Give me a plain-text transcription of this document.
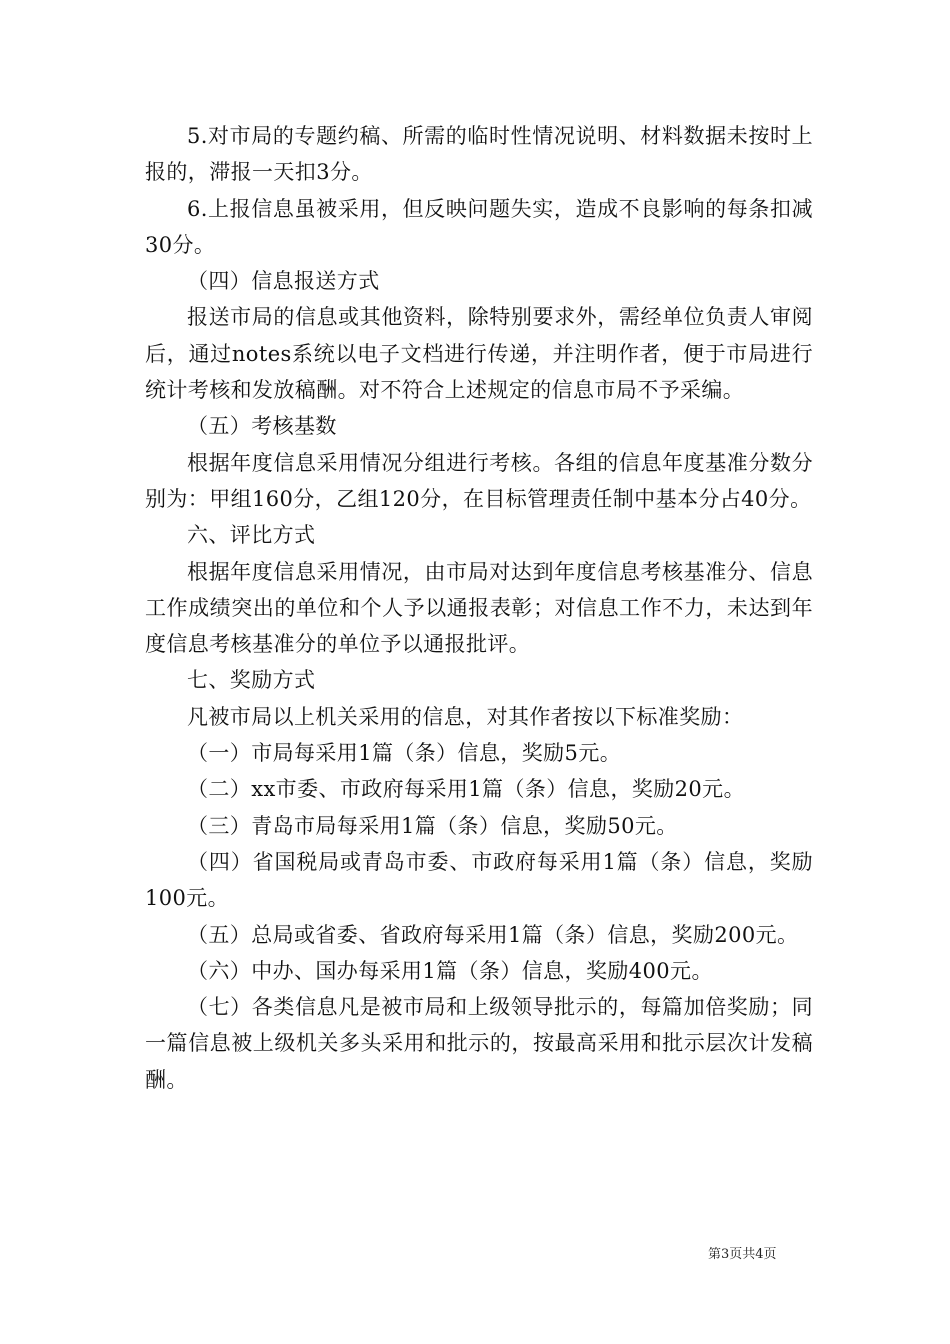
5.对市局的专题约稿、所需的临时性情况说明、材料数据未按时上报的，滞报一天扣3分。

6.上报信息虽被采用，但反映问题失实，造成不良影响的每条扣减30分。

（四）信息报送方式

报送市局的信息或其他资料，除特别要求外，需经单位负责人审阅后，通过notes系统以电子文档进行传递，并注明作者，便于市局进行统计考核和发放稿酬。对不符合上述规定的信息市局不予采编。

（五）考核基数

根据年度信息采用情况分组进行考核。各组的信息年度基准分数分别为：甲组160分，乙组120分，在目标管理责任制中基本分占40分。

六、评比方式

根据年度信息采用情况，由市局对达到年度信息考核基准分、信息工作成绩突出的单位和个人予以通报表彰；对信息工作不力，未达到年度信息考核基准分的单位予以通报批评。

七、奖励方式

凡被市局以上机关采用的信息，对其作者按以下标准奖励：

（一）市局每采用1篇（条）信息，奖励5元。

（二）xx市委、市政府每采用1篇（条）信息，奖励20元。

（三）青岛市局每采用1篇（条）信息，奖励50元。

（四）省国税局或青岛市委、市政府每采用1篇（条）信息，奖励100元。

（五）总局或省委、省政府每采用1篇（条）信息，奖励200元。

（六）中办、国办每采用1篇（条）信息，奖励400元。

（七）各类信息凡是被市局和上级领导批示的，每篇加倍奖励；同一篇信息被上级机关多头采用和批示的，按最高采用和批示层次计发稿酬。

第3页共4页
